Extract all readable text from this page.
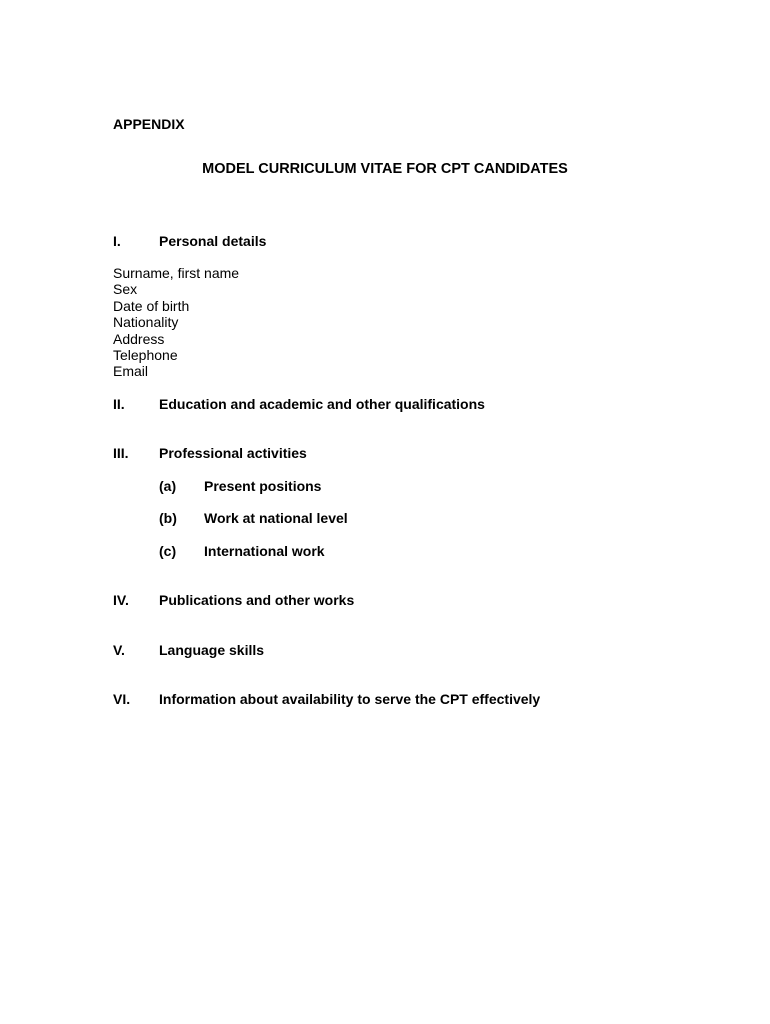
APPENDIX
MODEL CURRICULUM VITAE FOR CPT CANDIDATES
I.	Personal details
Surname, first name
Sex
Date of birth
Nationality
Address
Telephone
Email
II. Education and academic and other qualifications
III. Professional activities
(a) Present positions
(b) Work at national level
(c) International work
IV. Publications and other works
V. Language skills
VI. Information about availability to serve the CPT effectively
